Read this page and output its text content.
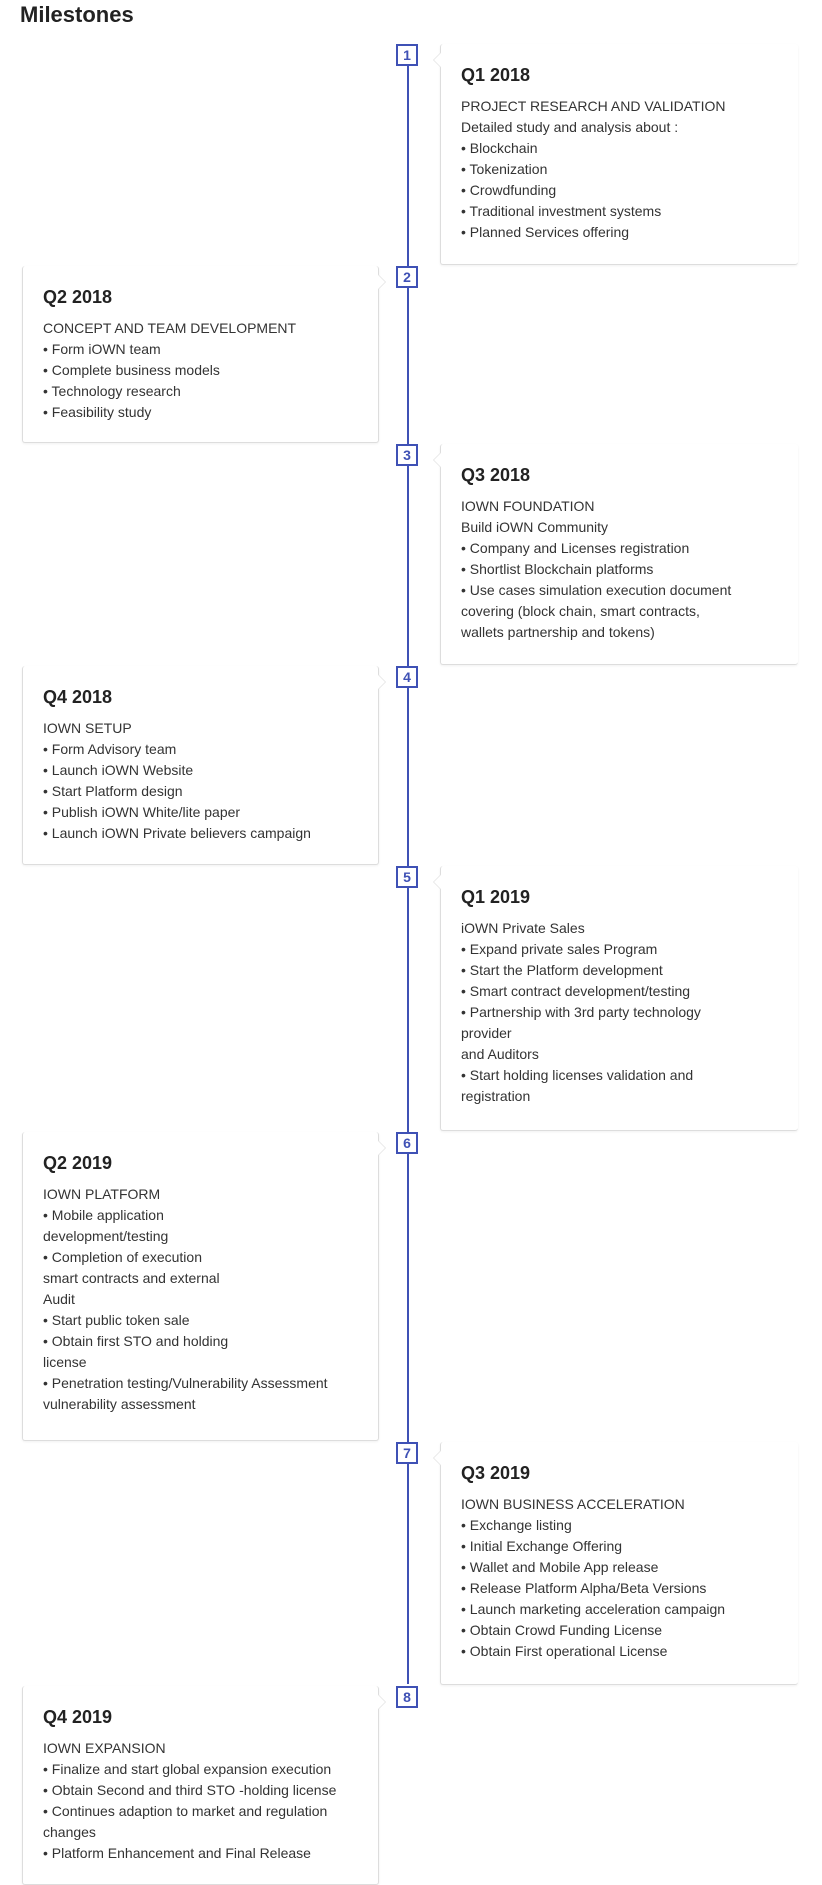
Milestones
1
Q1 2018
PROJECT RESEARCH AND VALIDATION
Detailed study and analysis about :
• Blockchain
• Tokenization
• Crowdfunding
• Traditional investment systems
• Planned Services offering
2
Q2 2018
CONCEPT AND TEAM DEVELOPMENT
• Form iOWN team
• Complete business models
• Technology research
• Feasibility study
3
Q3 2018
IOWN FOUNDATION
Build iOWN Community
• Company and Licenses registration
• Shortlist Blockchain platforms
• Use cases simulation execution document
covering (block chain, smart contracts,
wallets partnership and tokens)
4
Q4 2018
IOWN SETUP
• Form Advisory team
• Launch iOWN Website
• Start Platform design
• Publish iOWN White/lite paper
• Launch iOWN Private believers campaign
5
Q1 2019
iOWN Private Sales
• Expand private sales Program
• Start the Platform development
• Smart contract development/testing
• Partnership with 3rd party technology
provider
and Auditors
• Start holding licenses validation and
registration
6
Q2 2019
IOWN PLATFORM
• Mobile application
development/testing
• Completion of execution
smart contracts and external
Audit
• Start public token sale
• Obtain first STO and holding
license
• Penetration testing/Vulnerability Assessment
vulnerability assessment
7
Q3 2019
IOWN BUSINESS ACCELERATION
• Exchange listing
• Initial Exchange Offering
• Wallet and Mobile App release
• Release Platform Alpha/Beta Versions
• Launch marketing acceleration campaign
• Obtain Crowd Funding License
• Obtain First operational License
8
Q4 2019
IOWN EXPANSION
• Finalize and start global expansion execution
• Obtain Second and third STO -holding license
• Continues adaption to market and regulation
changes
• Platform Enhancement and Final Release
